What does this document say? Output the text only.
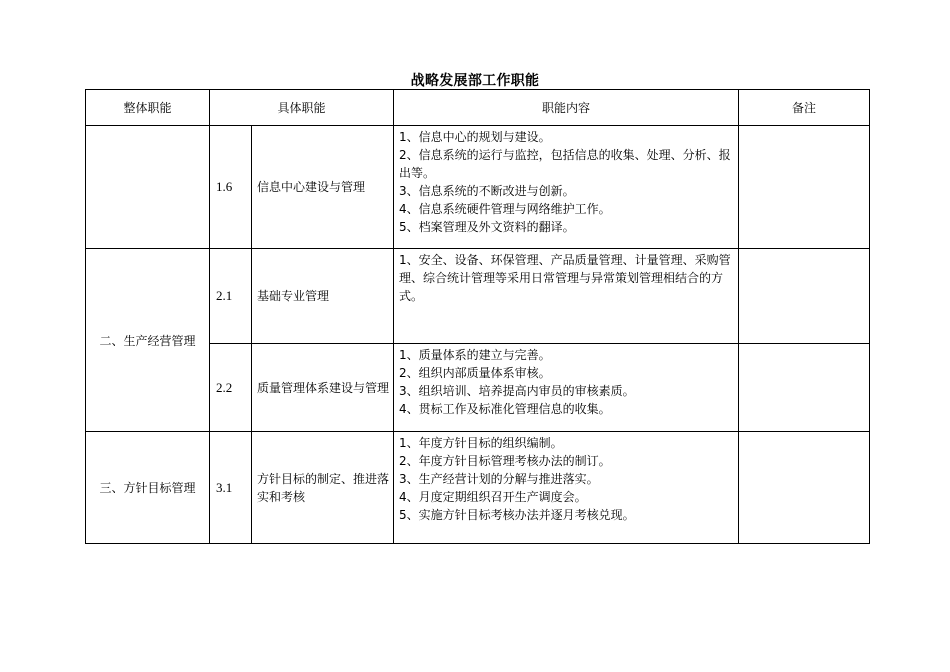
战略发展部工作职能
整体职能	具体职能		职能内容	备注
	1.6	信息中心建设与管理	1、信息中心的规划与建设。
2、信息系统的运行与监控，包括信息的收集、处理、分析、报出等。
3、信息系统的不断改进与创新。
4、信息系统硬件管理与网络维护工作。
5、档案管理及外文资料的翻译。	

二、生产经营管理	2.1	基础专业管理	1、安全、设备、环保管理、产品质量管理、计量管理、采购管理、综合统计管理等采用日常管理与异常策划管理相结合的方式。	

	2.2	质量管理体系建设与管理	1、质量体系的建立与完善。
2、组织内部质量体系审核。
3、组织培训、培养提高内审员的审核素质。
4、贯标工作及标准化管理信息的收集。	

三、方针目标管理	3.1	方针目标的制定、推进落实和考核	1、年度方针目标的组织编制。
2、年度方针目标管理考核办法的制订。
3、生产经营计划的分解与推进落实。
4、月度定期组织召开生产调度会。
5、实施方针目标考核办法并逐月考核兑现。	
